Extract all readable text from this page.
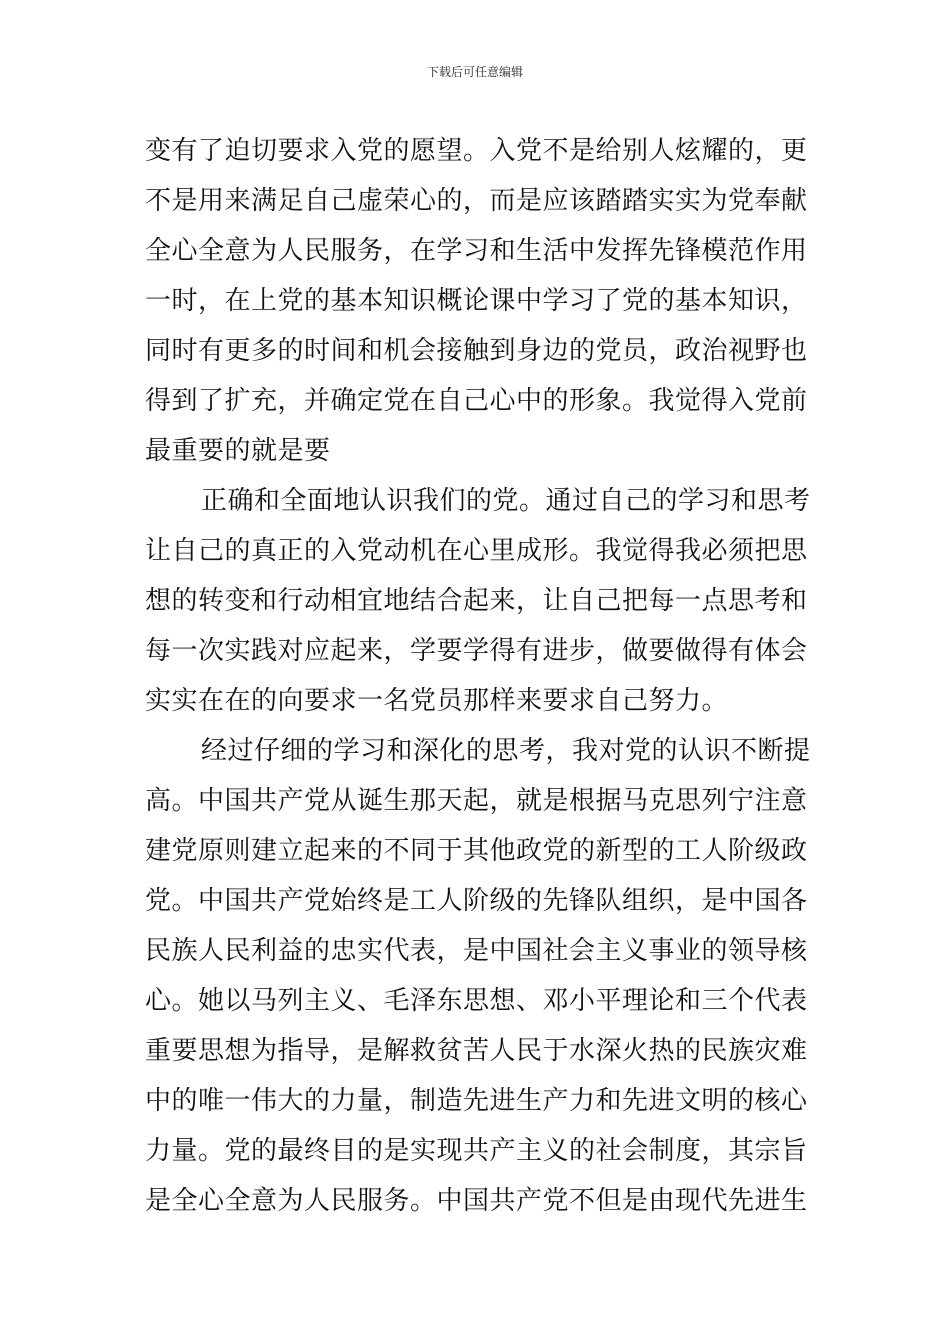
下载后可任意编辑
变有了迫切要求入党的愿望。入党不是给别人炫耀的，更
不是用来满足自己虚荣心的，而是应该踏踏实实为党奉献
全心全意为人民服务，在学习和生活中发挥先锋模范作用
一时，在上党的基本知识概论课中学习了党的基本知识，
同时有更多的时间和机会接触到身边的党员，政治视野也
得到了扩充，并确定党在自己心中的形象。我觉得入党前
最重要的就是要
正确和全面地认识我们的党。通过自己的学习和思考
让自己的真正的入党动机在心里成形。我觉得我必须把思
想的转变和行动相宜地结合起来，让自己把每一点思考和
每一次实践对应起来，学要学得有进步，做要做得有体会
实实在在的向要求一名党员那样来要求自己努力。
经过仔细的学习和深化的思考，我对党的认识不断提
高。中国共产党从诞生那天起，就是根据马克思列宁注意
建党原则建立起来的不同于其他政党的新型的工人阶级政
党。中国共产党始终是工人阶级的先锋队组织，是中国各
民族人民利益的忠实代表，是中国社会主义事业的领导核
心。她以马列主义、毛泽东思想、邓小平理论和三个代表
重要思想为指导，是解救贫苦人民于水深火热的民族灾难
中的唯一伟大的力量，制造先进生产力和先进文明的核心
力量。党的最终目的是实现共产主义的社会制度，其宗旨
是全心全意为人民服务。中国共产党不但是由现代先进生
